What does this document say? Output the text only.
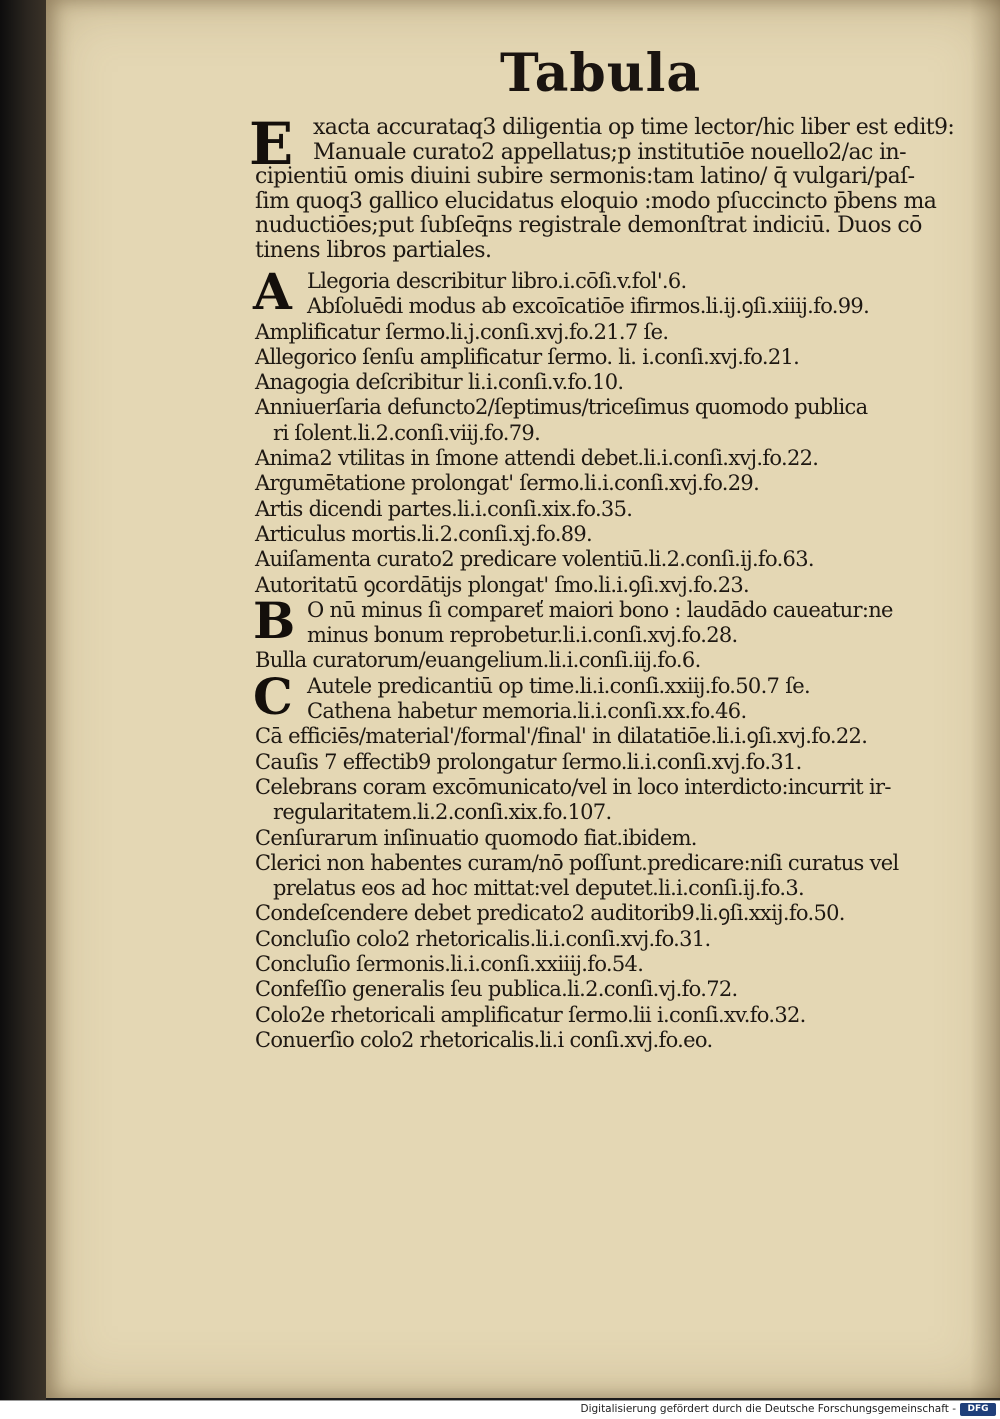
Tabula
E xacta accurataq3 diligentia op time lector/hic liber est edit9:
Manuale curato2 appellatus;p institutiōe nouello2/ac in-
cipientiū omis diuini subire sermonis:tam latino/ q̄ vulgari/paſ-
ſim quoq3 gallico elucidatus eloquio :modo pſuccincto p̄bens ma
nuductiōes;put ſubſeq̄ns registrale demonſtrat indiciū. Duos cō
tinens libros partiales.
A Llegoria describitur libro.i.cōſi.v.fol'.6.
Abſoluēdi modus ab excoīcatiōe ifirmos.li.ij.ꝯſi.xiiij.fo.99.
Amplificatur ſermo.li.j.conſi.xvj.fo.21.7 ſe.
Allegorico ſenſu amplificatur ſermo. li. i.conſi.xvj.fo.21.
Anagogia deſcribitur li.i.conſi.v.fo.10.
Anniuerſaria defuncto2/ſeptimus/triceſimus quomodo publica
ri ſolent.li.2.conſi.viij.fo.79.
Anima2 vtilitas in ſmone attendi debet.li.i.conſi.xvj.fo.22.
Argumētatione prolongat' ſermo.li.i.conſi.xvj.fo.29.
Artis dicendi partes.li.i.conſi.xix.fo.35.
Articulus mortis.li.2.conſi.xj.fo.89.
Auiſamenta curato2 predicare volentiū.li.2.conſi.ij.fo.63.
Autoritatū ꝯcordātijs plongat' ſmo.li.i.ꝯſi.xvj.fo.23.
B O nū minus ſi compareť maiori bono : laudādo caueatur:ne
minus bonum reprobetur.li.i.conſi.xvj.fo.28.
Bulla curatorum/euangelium.li.i.conſi.iij.fo.6.
C Autele predicantiū op time.li.i.conſi.xxiij.fo.50.7 ſe.
Cathena habetur memoria.li.i.conſi.xx.fo.46.
Cā efficiēs/material'/formal'/final' in dilatatiōe.li.i.ꝯſi.xvj.fo.22.
Cauſis 7 effectib9 prolongatur ſermo.li.i.conſi.xvj.fo.31.
Celebrans coram excōmunicato/vel in loco interdicto:incurrit ir-
regularitatem.li.2.conſi.xix.fo.107.
Cenſurarum inſinuatio quomodo fiat.ibidem.
Clerici non habentes curam/nō poſſunt.predicare:niſi curatus vel
prelatus eos ad hoc mittat:vel deputet.li.i.conſi.ij.fo.3.
Condeſcendere debet predicato2 auditorib9.li.ꝯſi.xxij.fo.50.
Concluſio colo2 rhetoricalis.li.i.conſi.xvj.fo.31.
Concluſio ſermonis.li.i.conſi.xxiiij.fo.54.
Confeſſio generalis ſeu publica.li.2.conſi.vj.fo.72.
Colo2e rhetoricali amplificatur ſermo.lii i.conſi.xv.fo.32.
Conuerſio colo2 rhetoricalis.li.i conſi.xvj.fo.eo.
Digitalisierung gefördert durch die Deutsche Forschungsgemeinschaft -	DFG
